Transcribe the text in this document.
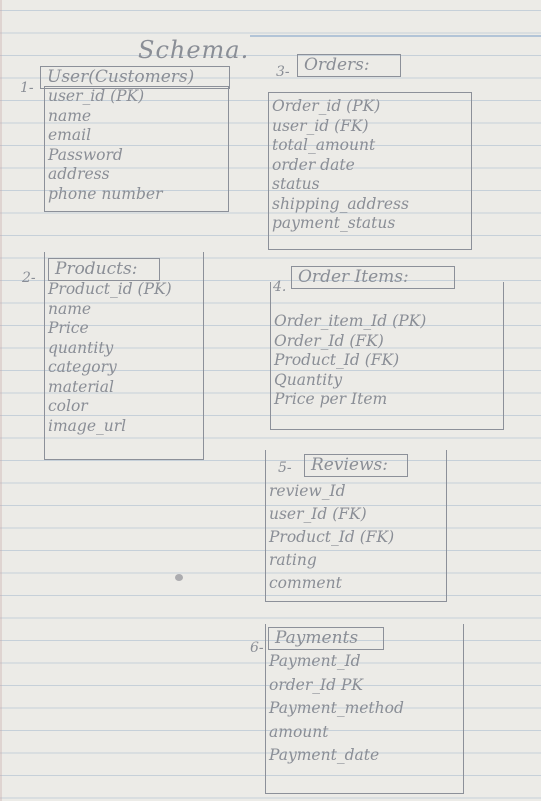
Schema.
1-
User(Customers)
user_id (PK)
name
email
Password
address
phone number
2-	Products:
Product_id (PK)
name
Price
quantity
category
material
color
image_url
3- Orders:
Order_id (PK)
user_id (FK)
total_amount
order date
status
shipping_address
payment_status
4. Order Items:
Order_item_Id (PK)
Order_Id (FK)
Product_Id (FK)
Quantity
Price per Item
5-	Reviews:
review_Id
user_Id (FK)
Product_Id (FK)
rating
comment
6- Payments
Payment_Id
order_Id PK
Payment_method
amount
Payment_date
